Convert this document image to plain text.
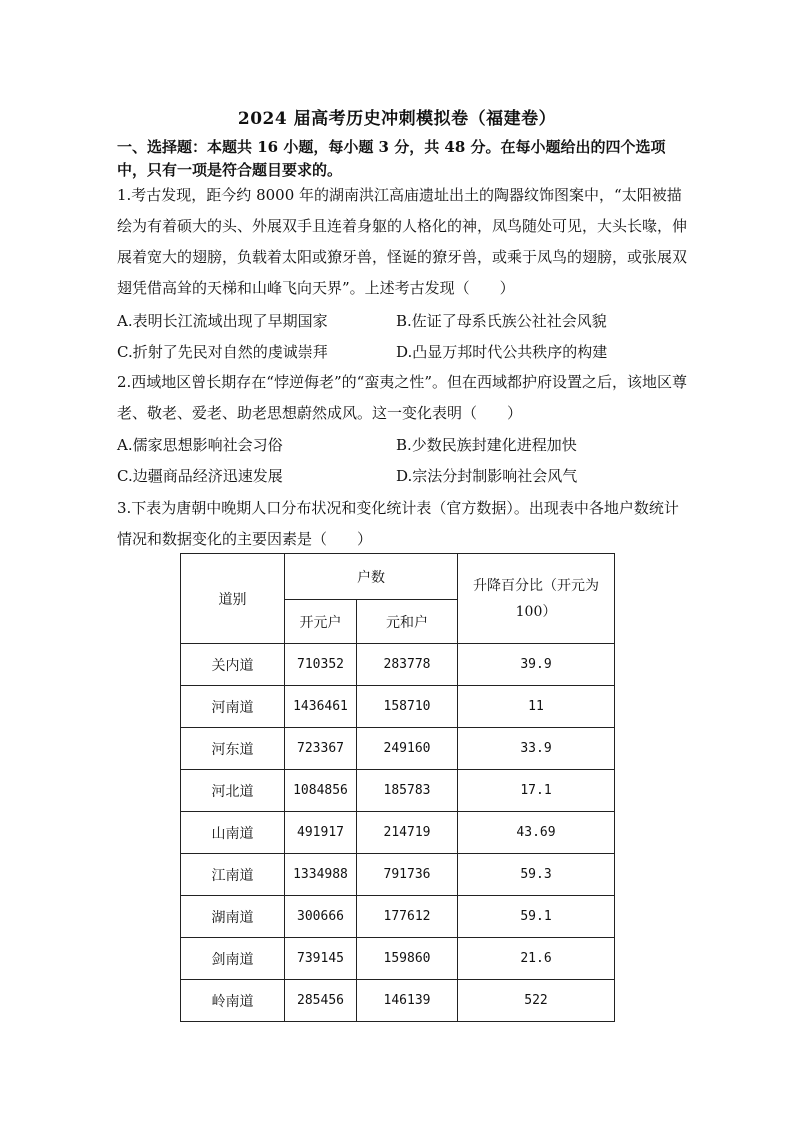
2024 届高考历史冲刺模拟卷（福建卷）
一、选择题：本题共 16 小题，每小题 3 分，共 48 分。在每小题给出的四个选项中，只有一项是符合题目要求的。
1.考古发现，距今约 8000 年的湖南洪江高庙遗址出土的陶器纹饰图案中，“太阳被描绘为有着硕大的头、外展双手且连着身躯的人格化的神，凤鸟随处可见，大头长喙，伸展着宽大的翅膀，负载着太阳或獠牙兽，怪诞的獠牙兽，或乘于凤鸟的翅膀，或张展双翅凭借高耸的天梯和山峰飞向天界”。上述考古发现（　　）
A.表明长江流域出现了早期国家	B.佐证了母系氏族公社社会风貌
C.折射了先民对自然的虔诚崇拜	D.凸显万邦时代公共秩序的构建
2.西域地区曾长期存在“悖逆侮老”的“蛮夷之性”。但在西域都护府设置之后，该地区尊老、敬老、爱老、助老思想蔚然成风。这一变化表明（　　）
A.儒家思想影响社会习俗	B.少数民族封建化进程加快
C.边疆商品经济迅速发展	D.宗法分封制影响社会风气
3.下表为唐朝中晚期人口分布状况和变化统计表（官方数据）。出现表中各地户数统计情况和数据变化的主要因素是（　　）
道别	户数		升降百分比（开元为100）
	开元户	元和户	
关内道	710352	283778	39.9
河南道	1436461	158710	11
河东道	723367	249160	33.9
河北道	1084856	185783	17.1
山南道	491917	214719	43.69
江南道	1334988	791736	59.3
湖南道	300666	177612	59.1
剑南道	739145	159860	21.6
岭南道	285456	146139	522
